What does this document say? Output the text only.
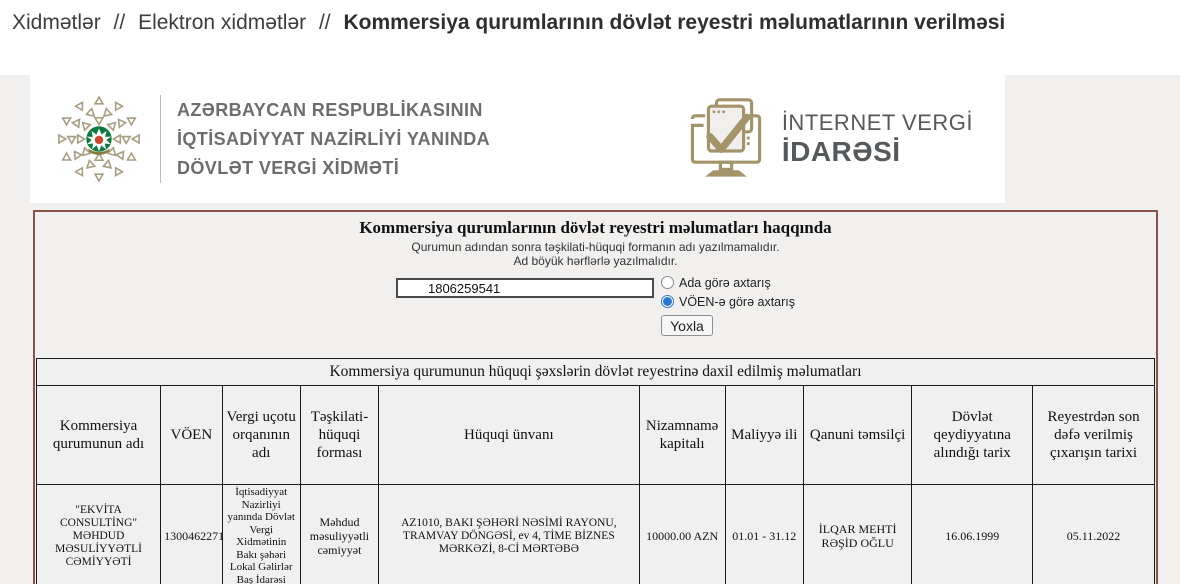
Xidmətlər // Elektron xidmətlər // Kommersiya qurumlarının dövlət reyestri məlumatlarının verilməsi
AZƏRBAYCAN RESPUBLİKASININ
İQTİSADİYYAT NAZİRLİYİ YANINDA
DÖVLƏT VERGİ XİDMƏTİ
İNTERNET VERGİ
İDARƏSİ
Kommersiya qurumlarının dövlət reyestri məlumatları haqqında
Qurumun adından sonra təşkilati-hüquqi formanın adı yazılmamalıdır.
Ad böyük hərflərlə yazılmalıdır.
1806259541
Ada görə axtarış
VÖEN-ə görə axtarış
Yoxla
Kommersiya qurumunun hüquqi şəxslərin dövlət reyestrinə daxil edilmiş məlumatları									
Kommersiya qurumunun adı	VÖEN	Vergi uçotu orqanının adı	Təşkilati-hüquqi forması	Hüquqi ünvanı	Nizamnamə kapitalı	Maliyyə ili	Qanuni təmsilçi	Dövlət qeydiyyatına alındığı tarix	Reyestrdən son dəfə verilmiş çıxarışın tarixi
"EKVİTA CONSULTİNG" MƏHDUD MƏSULİYYƏTLİ CƏMİYYƏTİ	1300462271	İqtisadiyyat Nazirliyi yanında Dövlət Vergi Xidmətinin Bakı şəhəri Lokal Gəlirlər Baş İdarəsi	Məhdud məsuliyyətli cəmiyyət	AZ1010, BAKI ŞƏHƏRİ NƏSİMİ RAYONU, TRAMVAY DÖNGƏSİ, ev 4, TİME BİZNES MƏRKƏZİ, 8-Cİ MƏRTƏBƏ	10000.00 AZN	01.01 - 31.12	İLQAR MEHTİ RƏŞİD OĞLU	16.06.1999	05.11.2022
